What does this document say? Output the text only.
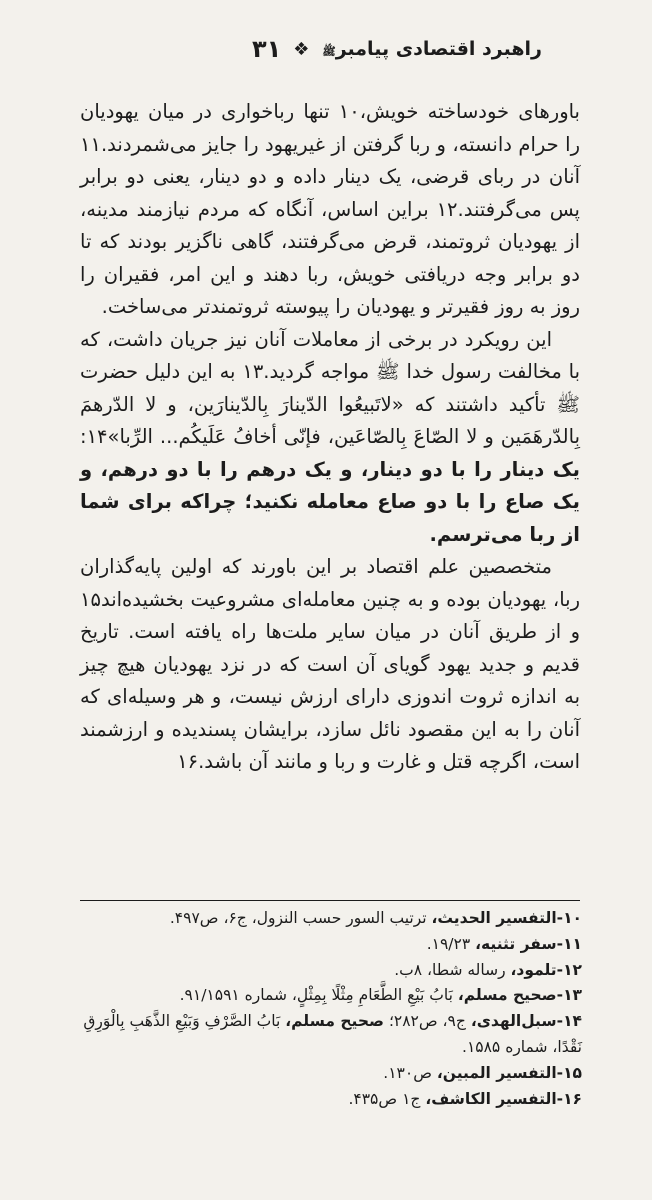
راهبرد اقتصادی پیامبرﷺ
❖
۳۱

باورهای خودساخته خویش،۱۰ تنها رباخواری در میان یهودیان را حرام دانسته، و ربا گرفتن از غیریهود را جایز می‌شمردند.۱۱ آنان در ربای قرضی، یک دینار داده و دو دینار، یعنی دو برابر پس می‌گرفتند.۱۲ براین اساس، آنگاه که مردم نیازمند مدینه، از یهودیان ثروتمند، قرض می‌گرفتند، گاهی ناگزیر بودند که تا دو برابر وجه دریافتی خویش، ربا دهند و این امر، فقیران را روز به روز فقیرتر و یهودیان را پیوسته ثروتمندتر می‌ساخت.

این رویکرد در برخی از معاملات آنان نیز جریان داشت، که با مخالفت رسول خدا ﷺ مواجه گردید.۱۳ به این دلیل حضرت ﷺ تأکید داشتند که «لاتَبیعُوا الدّینارَ بِالدّینارَین، و لا الدّرهمَ بِالدّرهَمَین و لا الصّاعَ بِالصّاعَین، فإنّی أخافُ عَلَیکُم... الرِّبا»۱۴: یک دینار را با دو دینار، و یک درهم را با دو درهم، و یک صاع را با دو صاع معامله نکنید؛ چراکه برای شما از ربا می‌ترسم.

متخصصین علم اقتصاد بر این باورند که اولین پایه‌گذاران ربا، یهودیان بوده و به چنین معامله‌ای مشروعیت بخشیده‌اند۱۵ و از طریق آنان در میان سایر ملت‌ها راه یافته است. تاریخ قدیم و جدید یهود گویای آن است که در نزد یهودیان هیچ چیز به اندازه ثروت اندوزی دارای ارزش نیست، و هر وسیله‌ای که آنان را به این مقصود نائل سازد، برایشان پسندیده و ارزشمند است، اگرچه قتل و غارت و ربا و مانند آن باشد.۱۶

۱۰-التفسیر الحدیث، ترتیب السور حسب النزول، ج۶، ص۴۹۷.

۱۱-سفر تثنیه، ۱۹/۲۳.

۱۲-تلمود، رساله شطا، ۸ب.

۱۳-صحیح مسلم، بَابُ بَیْعِ الطَّعَامِ مِثْلًا بِمِثْلٍ، شماره ۹۱/۱۵۹۱.

۱۴-سبل‌الهدی، ج۹، ص۲۸۲؛ صحیح مسلم، بَابُ الصَّرْفِ وَبَیْعِ الذَّهَبِ بِالْوَرِقِ نَقْدًا، شماره ۱۵۸۵.

۱۵-التفسیر المبین، ص۱۳۰.

۱۶-التفسیر الکاشف، ج۱ ص۴۳۵.
